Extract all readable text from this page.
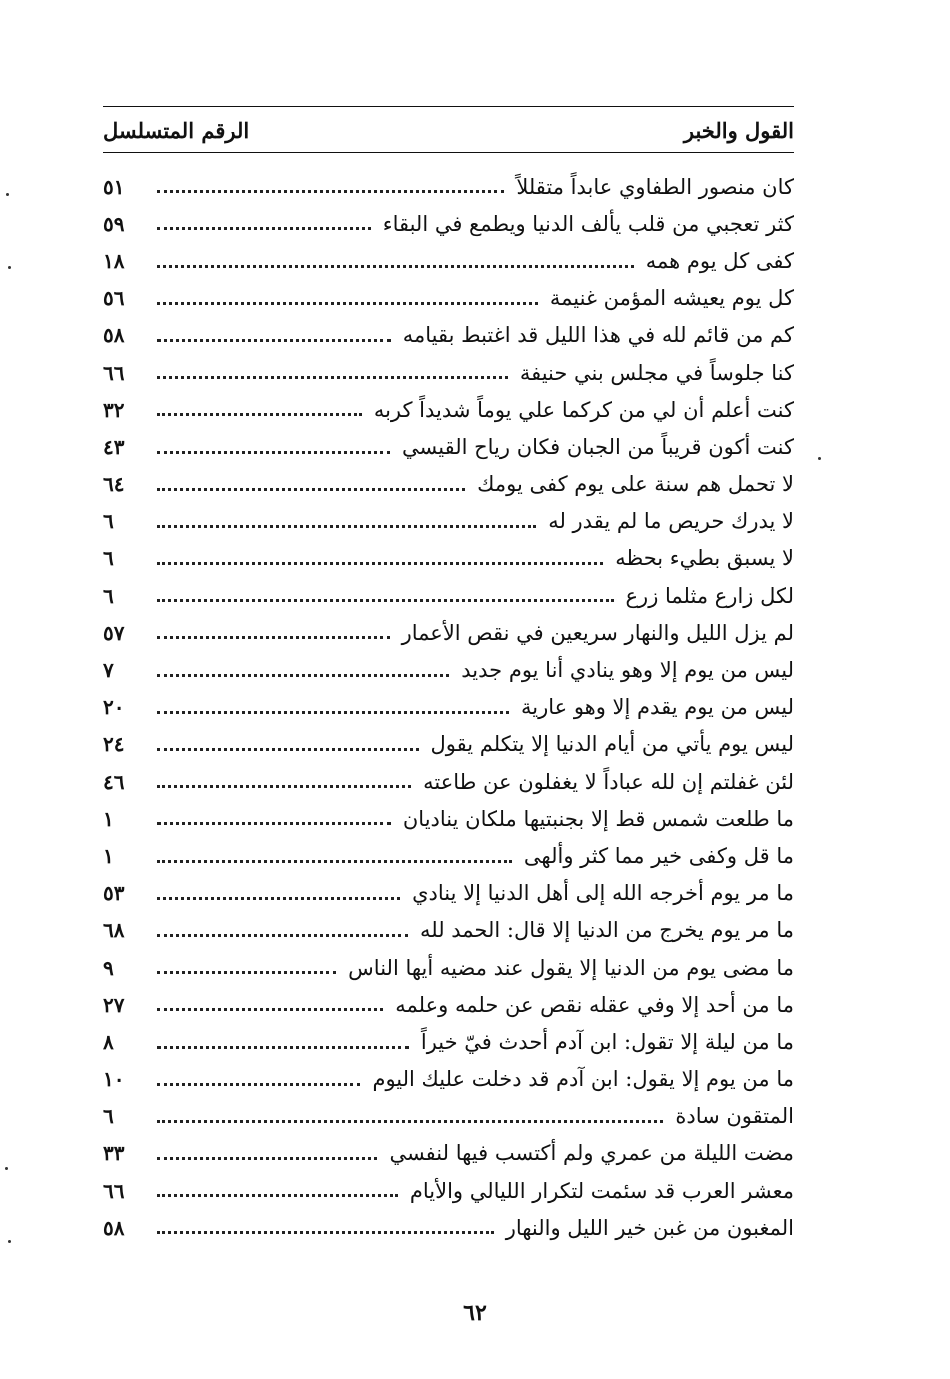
القول والخبر
الرقم المتسلسل
كان منصور الطفاوي عابداً متقللاً
٥١
كثر تعجبي من قلب يألف الدنيا ويطمع في البقاء
٥٩
كفى كل يوم همه
١٨
كل يوم يعيشه المؤمن غنيمة
٥٦
كم من قائم لله في هذا الليل قد اغتبط بقيامه
٥٨
كنا جلوساً في مجلس بني حنيفة
٦٦
كنت أعلم أن لي من كركما علي يوماً شديداً كربه
٣٢
كنت أكون قريباً من الجبان فكان رياح القيسي
٤٣
لا تحمل هم سنة على يوم كفى يومك
٦٤
لا يدرك حريص ما لم يقدر له
٦
لا يسبق بطيء بحظه
٦
لكل زارع مثلما زرع
٦
لم يزل الليل والنهار سريعين في نقص الأعمار
٥٧
ليس من يوم إلا وهو ينادي أنا يوم جديد
٧
ليس من يوم يقدم إلا وهو عارية
٢٠
ليس يوم يأتي من أيام الدنيا إلا يتكلم يقول
٢٤
لئن غفلتم إن لله عباداً لا يغفلون عن طاعته
٤٦
ما طلعت شمس قط إلا بجنبتيها ملكان يناديان
١
ما قل وكفى خير مما كثر وألهى
١
ما مر يوم أخرجه الله إلى أهل الدنيا إلا ينادي
٥٣
ما مر يوم يخرج من الدنيا إلا قال: الحمد لله
٦٨
ما مضى يوم من الدنيا إلا يقول عند مضيه أيها الناس
٩
ما من أحد إلا وفي عقله نقص عن حلمه وعلمه
٢٧
ما من ليلة إلا تقول: ابن آدم أحدث فيّ خيراً
٨
ما من يوم إلا يقول: ابن آدم قد دخلت عليك اليوم
١٠
المتقون سادة
٦
مضت الليلة من عمري ولم أكتسب فيها لنفسي
٣٣
معشر العرب قد سئمت لتكرار الليالي والأيام
٦٦
المغبون من غبن خير الليل والنهار
٥٨
٦٢
